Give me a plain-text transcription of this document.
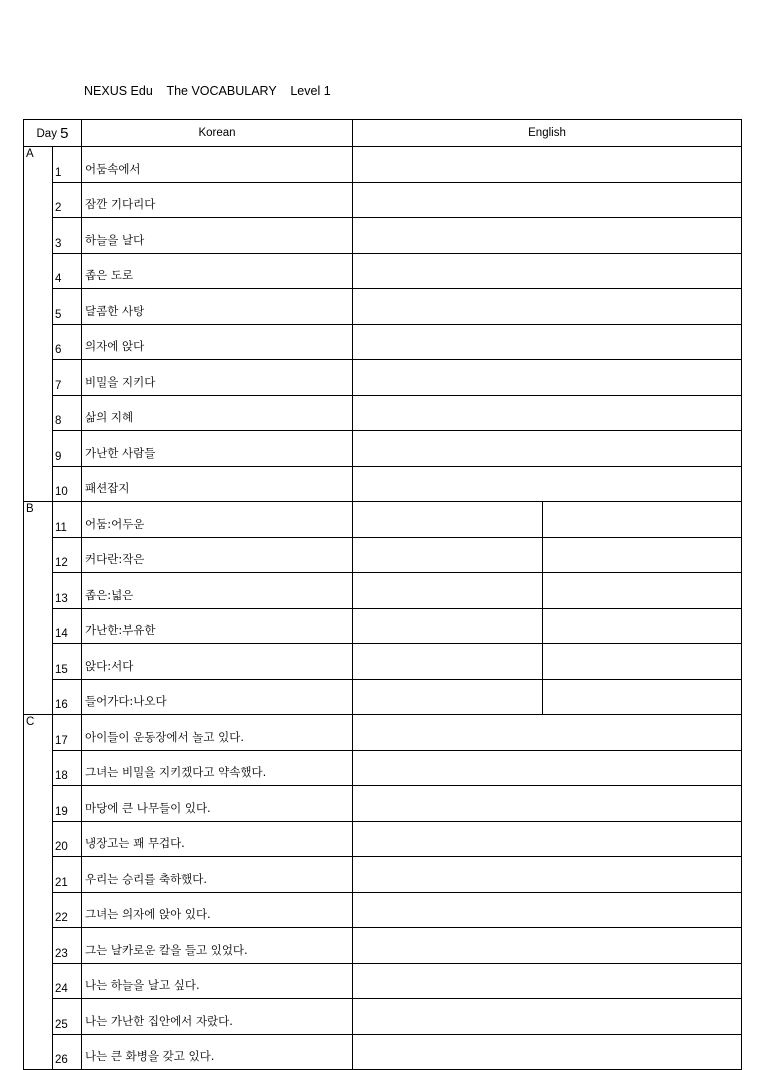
NEXUS Edu    The VOCABULARY    Level 1
Day 5		Korean	English	
A	1	어둠속에서		
	2	잠깐 기다리다		
	3	하늘을 날다		
	4	좁은 도로		
	5	달콤한 사탕		
	6	의자에 앉다		
	7	비밀을 지키다		
	8	삶의 지혜		
	9	가난한 사람들		
	10	패션잡지		
B	11	어둠:어두운		
	12	커다란:작은		
	13	좁은:넓은		
	14	가난한:부유한		
	15	앉다:서다		
	16	들어가다:나오다		
C	17	아이들이 운동장에서 놀고 있다.		
	18	그녀는 비밀을 지키겠다고 약속했다.		
	19	마당에 큰 나무들이 있다.		
	20	냉장고는 꽤 무겁다.		
	21	우리는 승리를 축하했다.		
	22	그녀는 의자에 앉아 있다.		
	23	그는 날카로운 칼을 들고 있었다.		
	24	나는 하늘을 날고 싶다.		
	25	나는 가난한 집안에서 자랐다.		
	26	나는 큰 화병을 갖고 있다.		
